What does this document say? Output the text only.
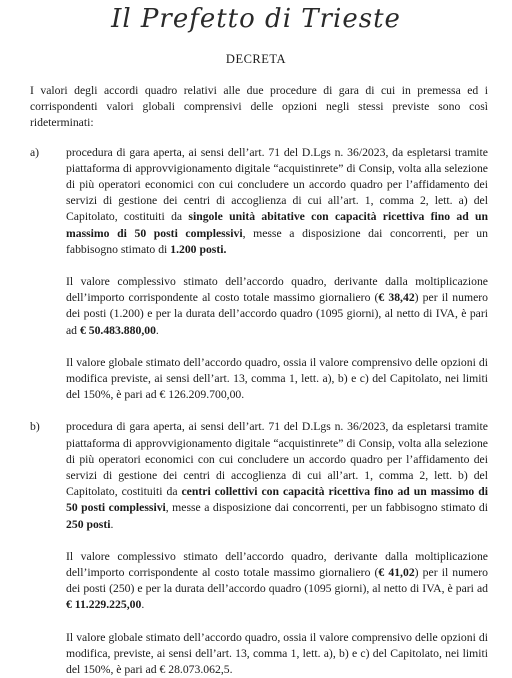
Il Prefetto di Trieste
DECRETA

I valori degli accordi quadro relativi alle due procedure di gara di cui in premessa ed i corrispondenti valori globali comprensivi delle opzioni negli stessi previste sono così rideterminati:

a) procedura di gara aperta, ai sensi dell’art. 71 del D.Lgs n. 36/2023, da espletarsi tramite piattaforma di approvvigionamento digitale “acquistinrete” di Consip, volta alla selezione di più operatori economici con cui concludere un accordo quadro per l’affidamento dei servizi di gestione dei centri di accoglienza di cui all’art. 1, comma 2, lett. a) del Capitolato, costituiti da singole unità abitative con capacità ricettiva fino ad un massimo di 50 posti complessivi, messe a disposizione dai concorrenti, per un fabbisogno stimato di 1.200 posti.

Il valore complessivo stimato dell’accordo quadro, derivante dalla moltiplicazione dell’importo corrispondente al costo totale massimo giornaliero (€ 38,42) per il numero dei posti (1.200) e per la durata dell’accordo quadro (1095 giorni), al netto di IVA, è pari ad € 50.483.880,00.

Il valore globale stimato dell’accordo quadro, ossia il valore comprensivo delle opzioni di modifica previste, ai sensi dell’art. 13, comma 1, lett. a), b) e c) del Capitolato, nei limiti del 150%, è pari ad € 126.209.700,00.

b) procedura di gara aperta, ai sensi dell’art. 71 del D.Lgs n. 36/2023, da espletarsi tramite piattaforma di approvvigionamento digitale “acquistinrete” di Consip, volta alla selezione di più operatori economici con cui concludere un accordo quadro per l’affidamento dei servizi di gestione dei centri di accoglienza di cui all’art. 1, comma 2, lett. b) del Capitolato, costituiti da centri collettivi con capacità ricettiva fino ad un massimo di 50 posti complessivi, messe a disposizione dai concorrenti, per un fabbisogno stimato di 250 posti.

Il valore complessivo stimato dell’accordo quadro, derivante dalla moltiplicazione dell’importo corrispondente al costo totale massimo giornaliero (€ 41,02) per il numero dei posti (250) e per la durata dell’accordo quadro (1095 giorni), al netto di IVA, è pari ad € 11.229.225,00.

Il valore globale stimato dell’accordo quadro, ossia il valore comprensivo delle opzioni di modifica, previste, ai sensi dell’art. 13, comma 1, lett. a), b) e c) del Capitolato, nei limiti del 150%, è pari ad € 28.073.062,5.
